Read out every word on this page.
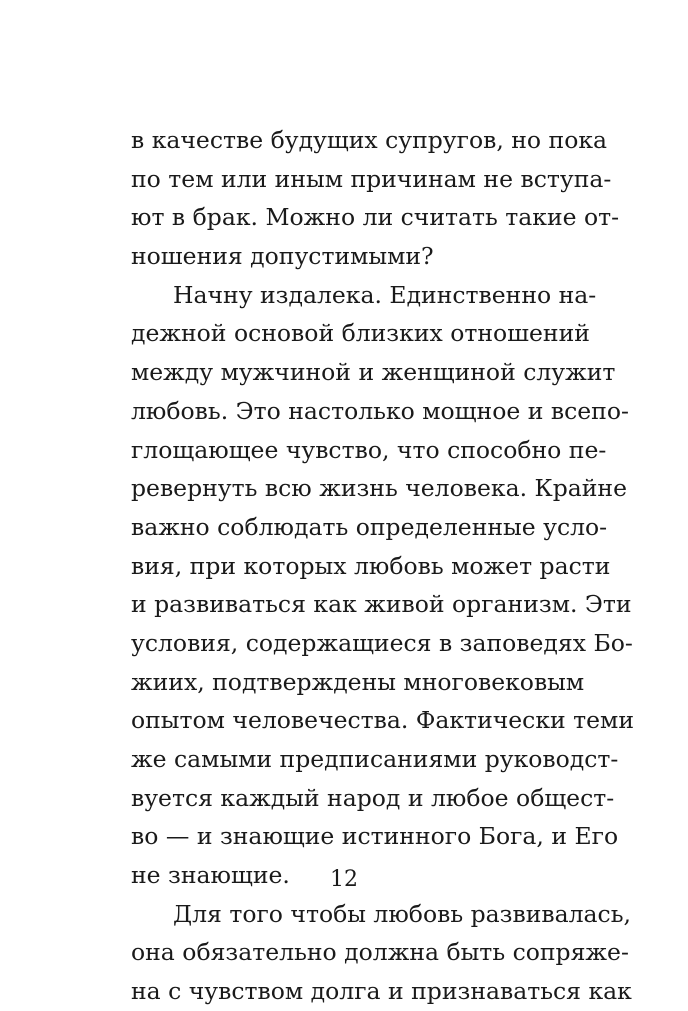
в качестве будущих супругов, но пока
по тем или иным причинам не вступа-
ют в брак. Можно ли считать такие от-
ношения допустимыми?
Начну издалека. Единственно на-
дежной основой близких отношений
между мужчиной и женщиной служит
любовь. Это настолько мощное и всепо-
глощающее чувство, что способно пе-
ревернуть всю жизнь человека. Крайне
важно соблюдать определенные усло-
вия, при которых любовь может расти
и развиваться как живой организм. Эти
условия, содержащиеся в заповедях Бо-
жиих, подтверждены многовековым
опытом человечества. Фактически теми
же самыми предписаниями руководст-
вуется каждый народ и любое общест-
во — и знающие истинного Бога, и Его
не знающие.
Для того чтобы любовь развивалась,
она обязательно должна быть сопряже-
на с чувством долга и признаваться как
12
